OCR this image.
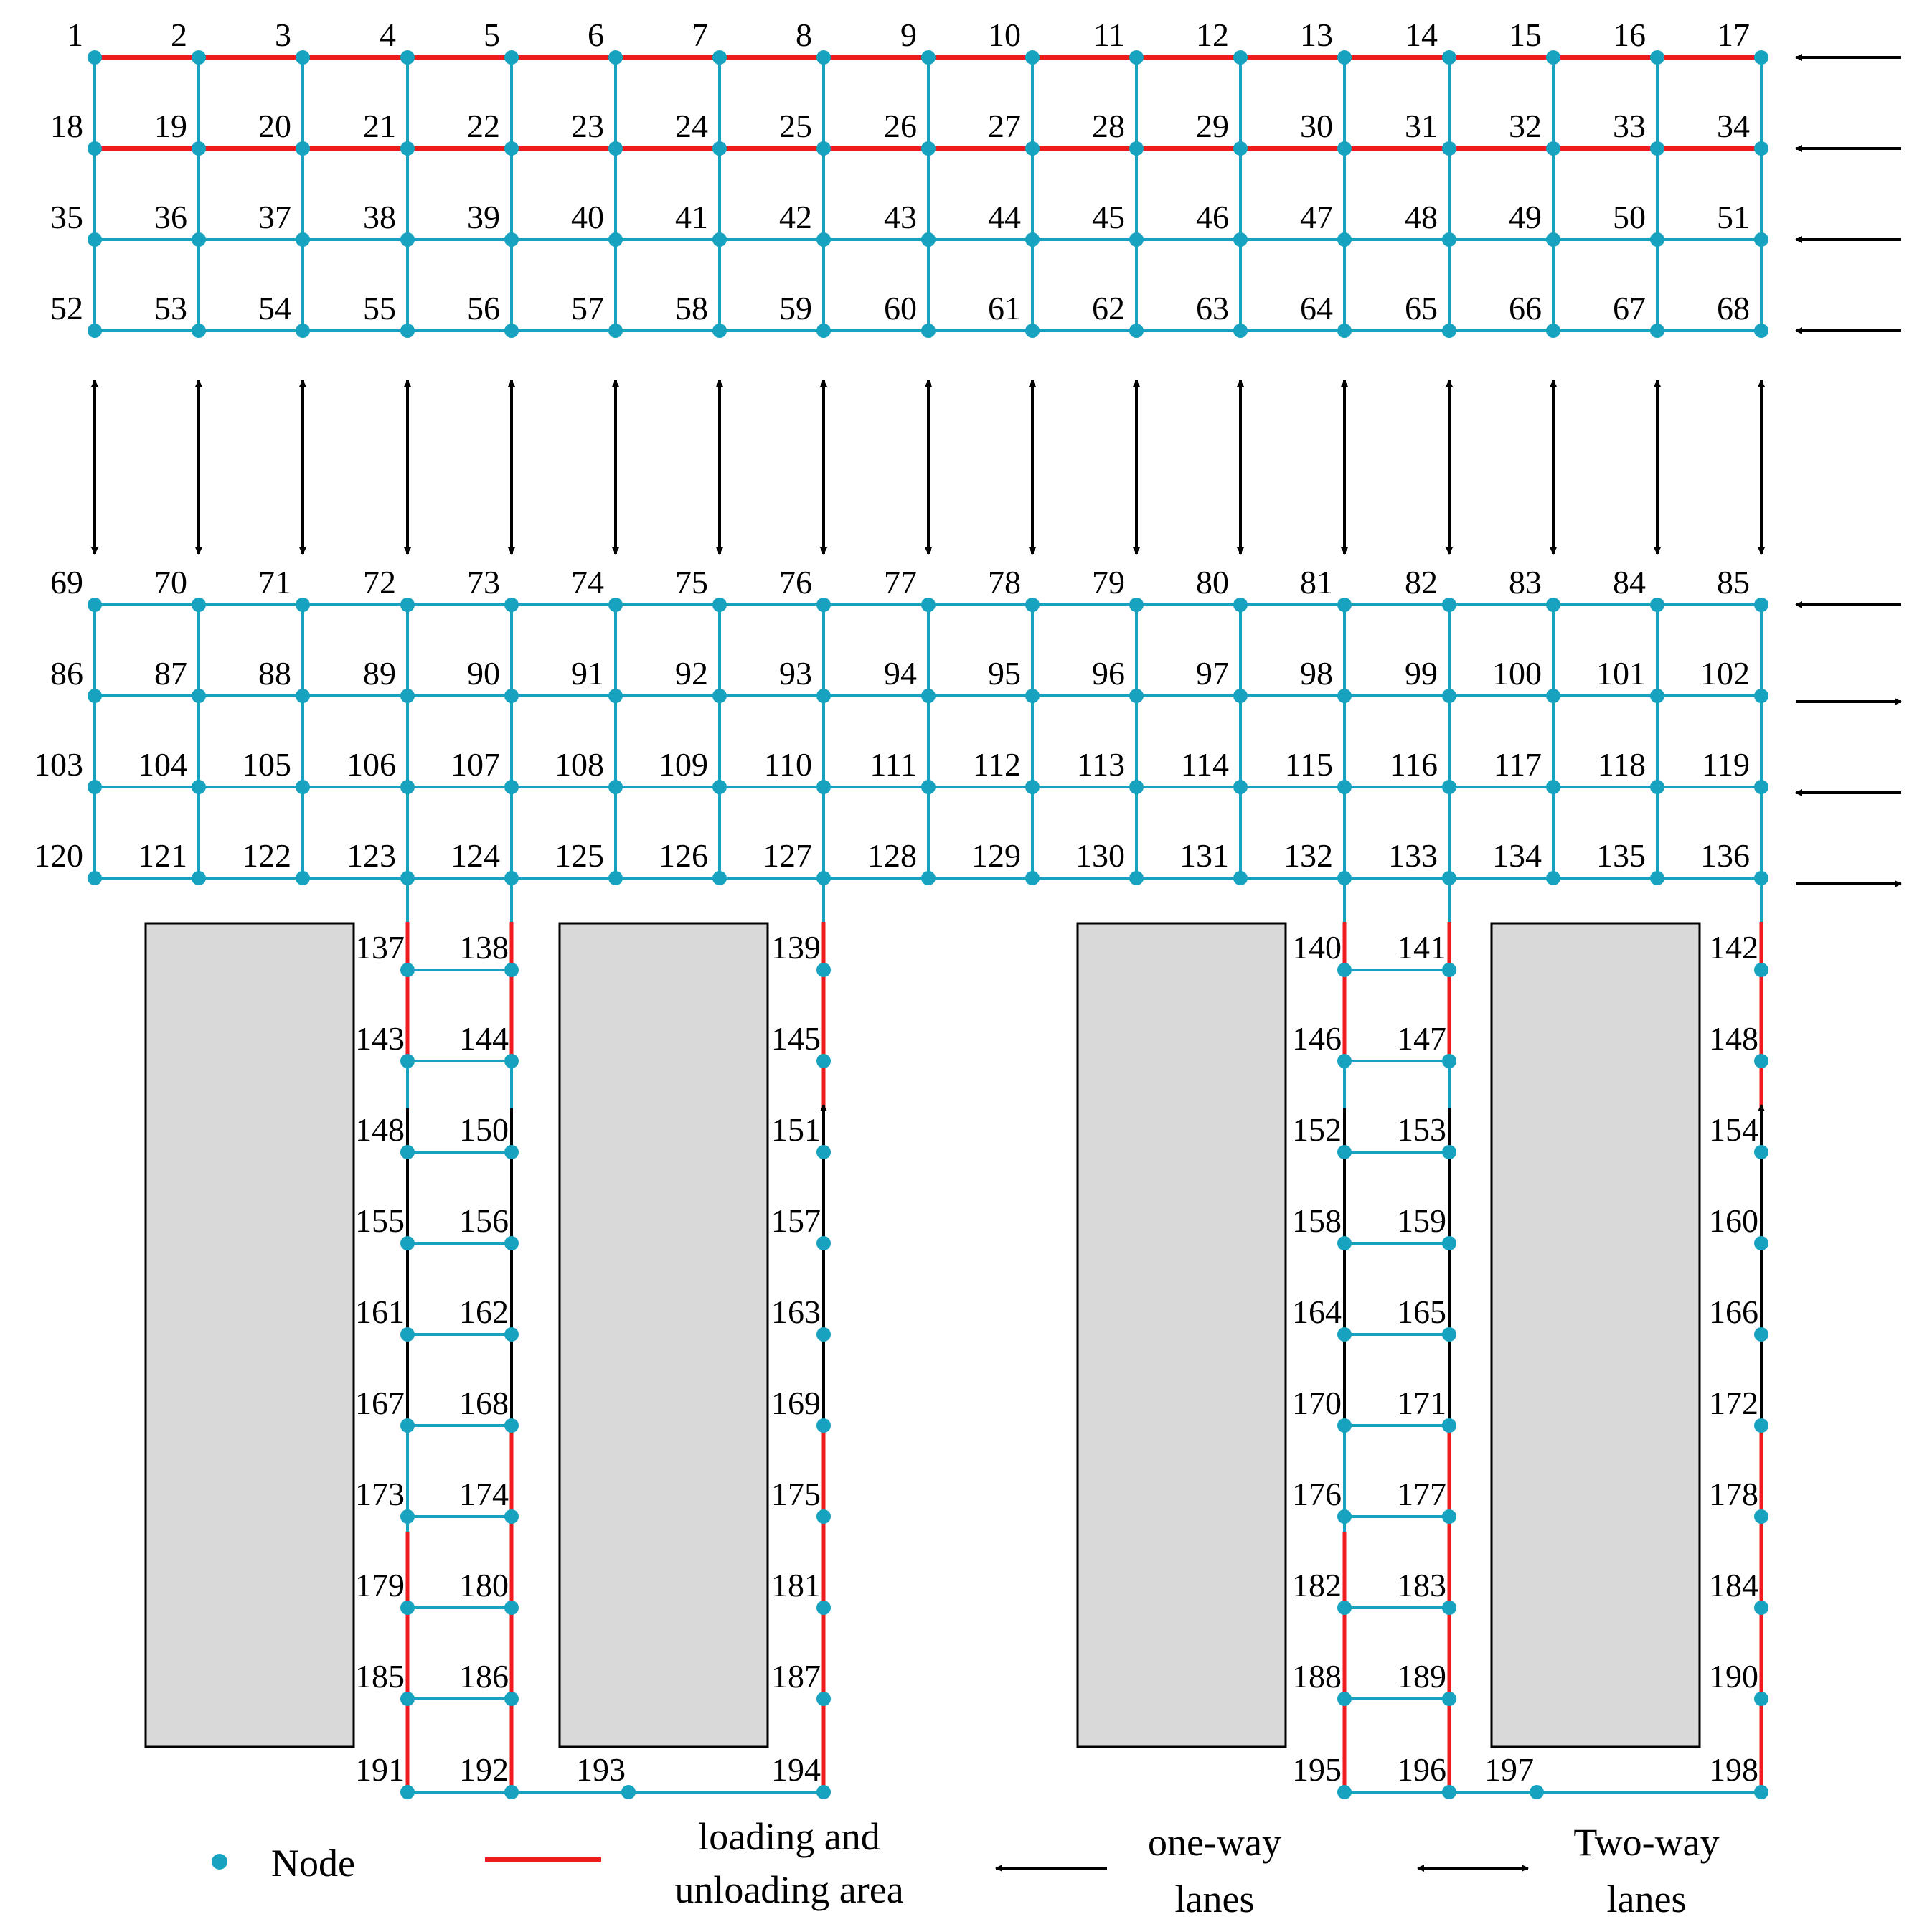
1	2	3	4	5	6	7	8	9 10 11 12 13 14 15 16 17
18 19 20 21 22 23 24 25 26 27 28 29 30 31 32 33 34
35 36 37 38 39 40 41 42 43 44 45 46 47 48 49 50 51
52 53 54 55 56 57 58 59 60 61 62 63 64 65 66 67 68
69 70 71 72 73 74 75 76 77 78 79 80 81 82 83 84 85
86 87 88 89 90 91 92 93 94 95 96 97 98 99 100 101 102
103 104 105 106 107 108 109 110 111 112 113 114 115 116 117 118 119
120 121 122 123 124 125 126 127 128 129 130 131 132 133 134 135 136
137 138	139	140 141	142
143 144	145	146 147	148
148 150	151	152 153	154
155 156	157	158 159	160
161 162	163	164 165	166
167 168	169	170 171	172
173 174	175	176 177	178
179 180	181	182 183	184
185 186	187	188 189	190
191 192 193	194	195 196 197	198
Node
loading and
unloading area
one-way
lanes
Two-way
lanes
